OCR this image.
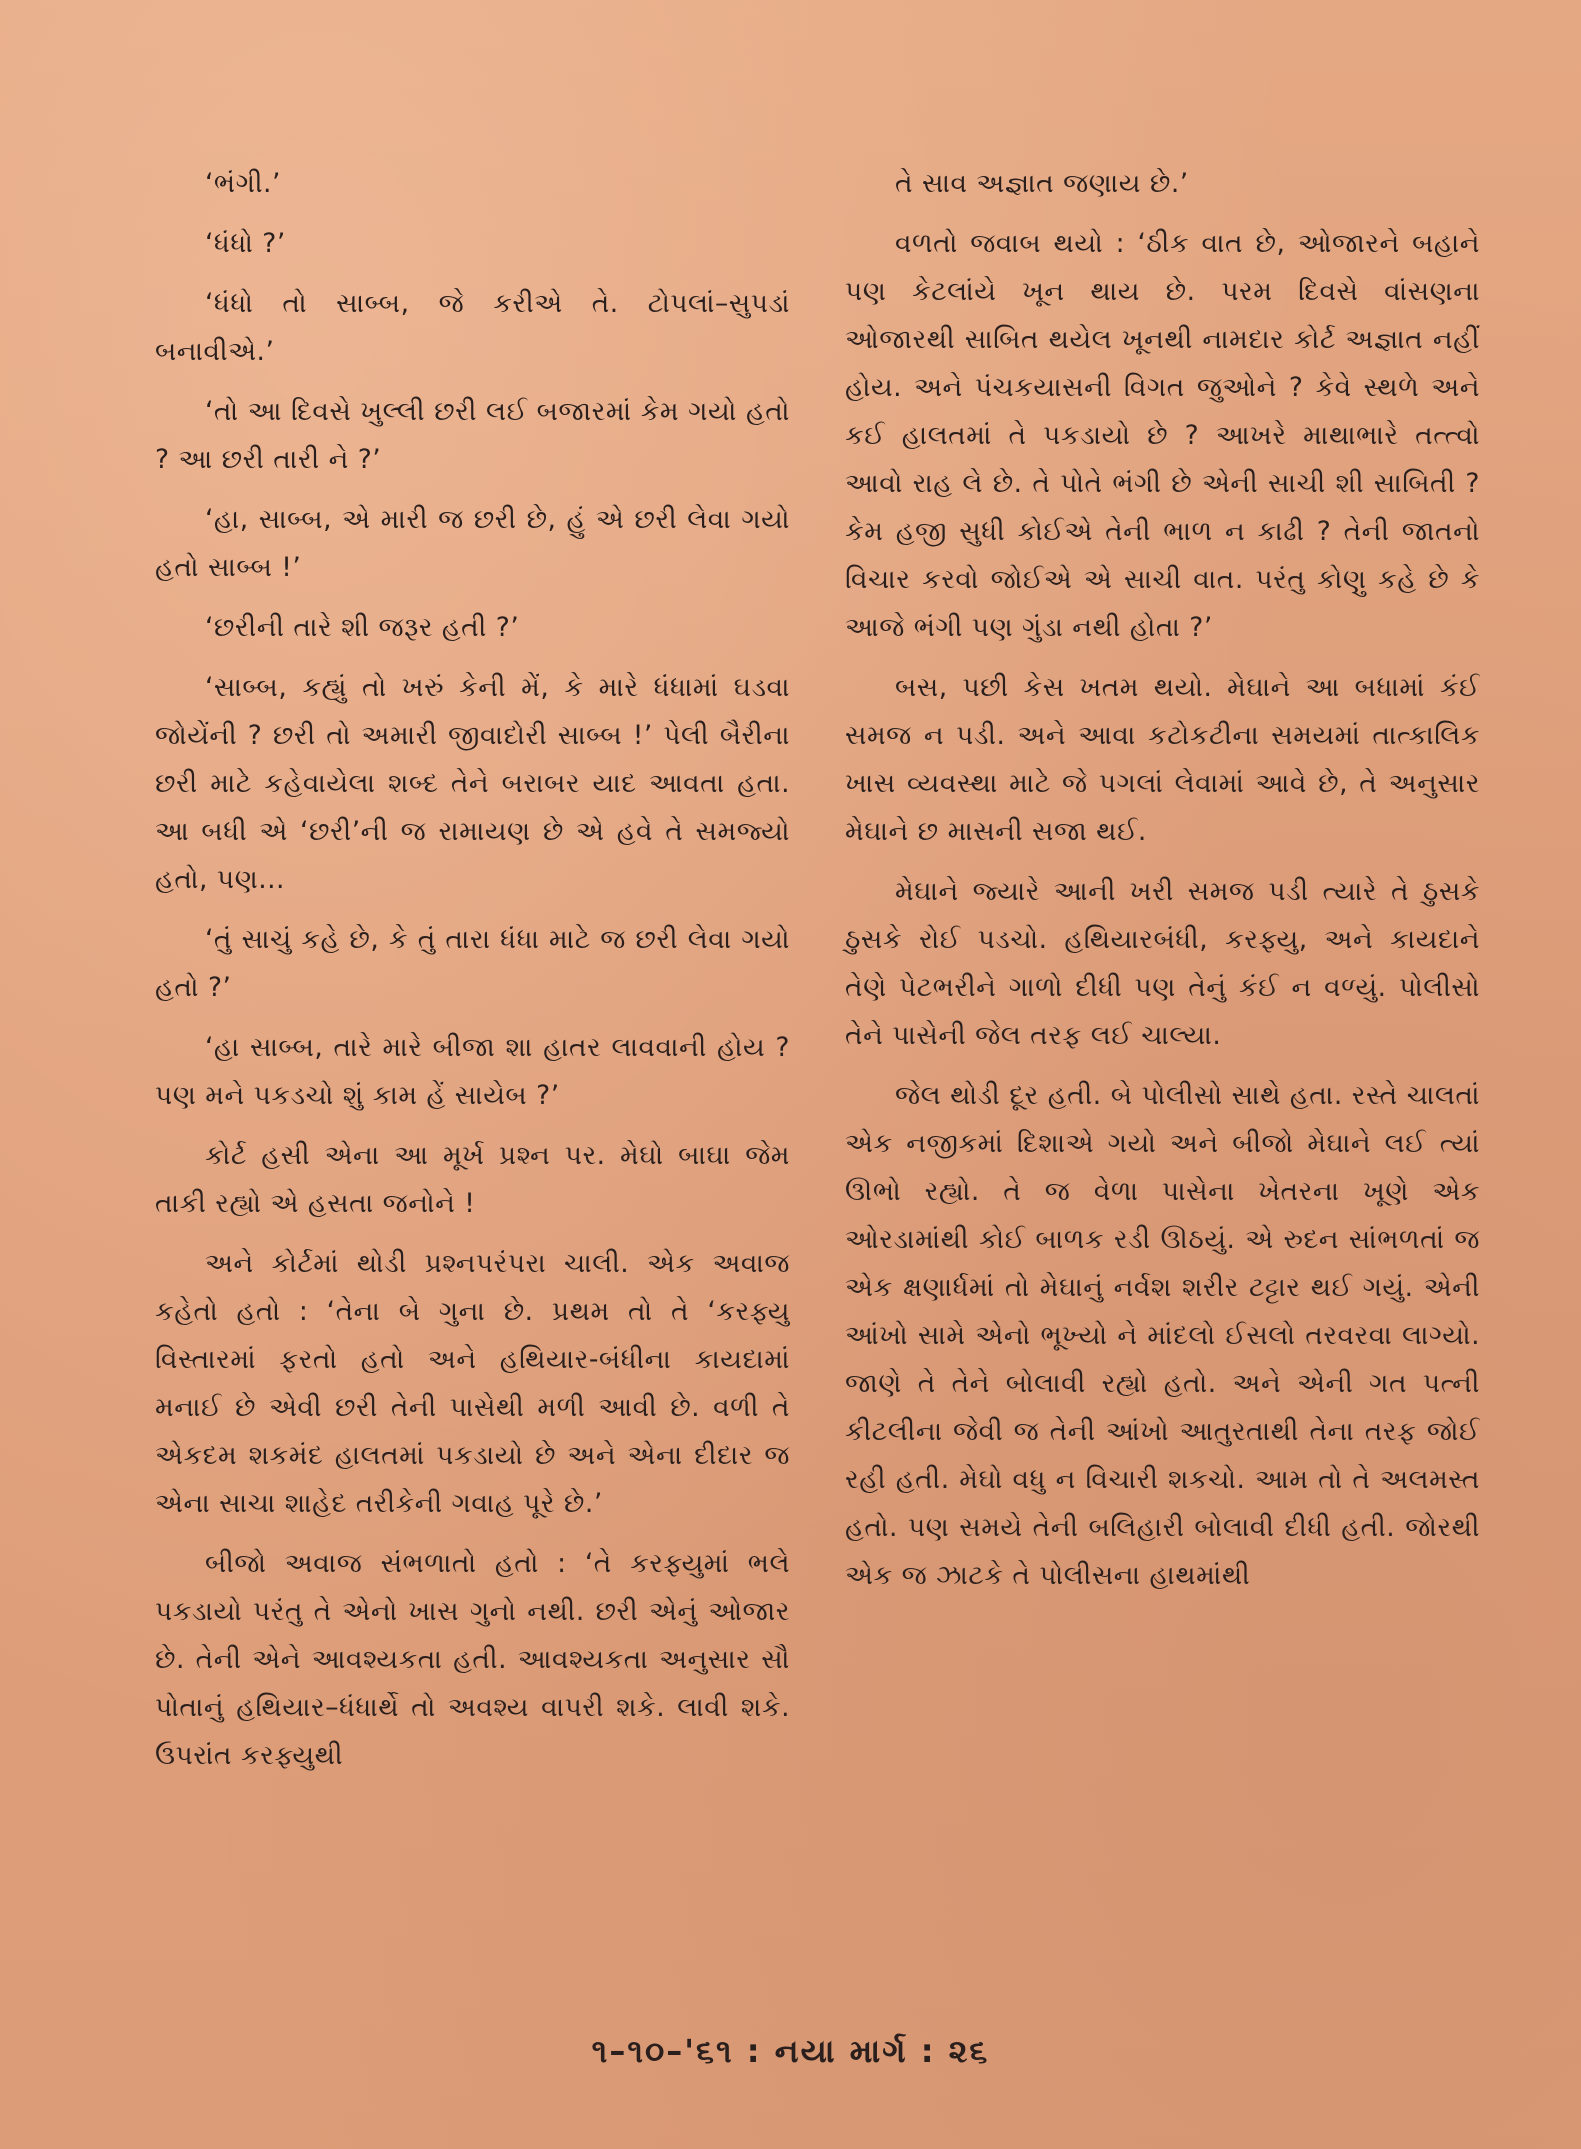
‘ભંગી.’

‘ધંધો ?’

‘ધંધો તો સાબ્બ, જે કરીએ તે. ટોપલાં–સુપડાં બનાવીએ.’

‘તો આ દિવસે ખુલ્લી છરી લઈ બજારમાં કેમ ગયો હતો ? આ છરી તારી ને ?’

‘હા, સાબ્બ, એ મારી જ છરી છે, હું એ છરી લેવા ગયો હતો સાબ્બ !’

‘છરીની તારે શી જરૂર હતી ?’

‘સાબ્બ, કહ્યું તો ખરું કેની મેં, કે મારે ધંધામાં ઘડવા જોયેંની ? છરી તો અમારી જીવાદોરી સાબ્બ !’ પેલી બૈરીના છરી માટે કહેવાયેલા શબ્દ તેને બરાબર યાદ આવતા હતા. આ બધી એ ‘છરી’ની જ રામાયણ છે એ હવે તે સમજ્યો હતો, પણ...

‘તું સાચું કહે છે, કે તું તારા ધંધા માટે જ છરી લેવા ગયો હતો ?’

‘હા સાબ્બ, તારે મારે બીજા શા હાતર લાવવાની હોય ? પણ મને પકડચો શું કામ હેં સાયેબ ?’

કોર્ટ હસી એના આ મૂર્ખ પ્રશ્ન પર. મેઘો બાઘા જેમ તાકી રહ્યો એ હસતા જનોને !

અને કોર્ટમાં થોડી પ્રશ્નપરંપરા ચાલી. એક અવાજ કહેતો હતો : ‘તેના બે ગુના છે. પ્રથમ તો તે ‘કરફ્યુ વિસ્તારમાં ફરતો હતો અને હથિયાર-બંધીના કાયદામાં મનાઈ છે એવી છરી તેની પાસેથી મળી આવી છે. વળી તે એકદમ શકમંદ હાલતમાં પકડાયો છે અને એના દીદાર જ એના સાચા શાહેદ તરીકેની ગવાહ પૂરે છે.’

બીજો અવાજ સંભળાતો હતો : ‘તે કરફ્યુમાં ભલે પકડાયો પરંતુ તે એનો ખાસ ગુનો નથી. છરી એનું ઓજાર છે. તેની એને આવશ્યકતા હતી. આવશ્યકતા અનુસાર સૌ પોતાનું હથિયાર–ધંધાર્થે તો અવશ્ય વાપરી શકે. લાવી શકે. ઉપરાંત કરફ્યુથી

તે સાવ અજ્ઞાત જણાય છે.’

વળતો જવાબ થયો : ‘ઠીક વાત છે, ઓજારને બહાને પણ કેટલાંયે ખૂન થાય છે. પરમ દિવસે વાંસણના ઓજારથી સાબિત થયેલ ખૂનથી નામદાર કોર્ટ અજ્ઞાત નહીં હોય. અને પંચકયાસની વિગત જુઓને ? કેવે સ્થળે અને કઈ હાલતમાં તે પકડાયો છે ? આખરે માથાભારે તત્ત્વો આવો રાહ લે છે. તે પોતે ભંગી છે એની સાચી શી સાબિતી ? કેમ હજી સુધી કોઈએ તેની ભાળ ન કાઢી ? તેની જાતનો વિચાર કરવો જોઈએ એ સાચી વાત. પરંતુ કોણુ કહે છે કે આજે ભંગી પણ ગુંડા નથી હોતા ?’

બસ, પછી કેસ ખતમ થયો. મેઘાને આ બધામાં કંઈ સમજ ન પડી. અને આવા કટોકટીના સમયમાં તાત્કાલિક ખાસ વ્યવસ્થા માટે જે પગલાં લેવામાં આવે છે, તે અનુસાર મેઘાને છ માસની સજા થઈ.

મેઘાને જ્યારે આની ખરી સમજ પડી ત્યારે તે ઠુસકે ઠુસકે રોઈ પડચો. હથિયારબંધી, કરફ્યુ, અને કાયદાને તેણે પેટભરીને ગાળો દીધી પણ તેનું કંઈ ન વળ્યું. પોલીસો તેને પાસેની જેલ તરફ લઈ ચાલ્યા.

જેલ થોડી દૂર હતી. બે પોલીસો સાથે હતા. રસ્તે ચાલતાં એક નજીકમાં દિશાએ ગયો અને બીજો મેઘાને લઈ ત્યાં ઊભો રહ્યો. તે જ વેળા પાસેના ખેતરના ખૂણે એક ઓરડામાંથી કોઈ બાળક રડી ઊઠયું. એ રુદન સાંભળતાં જ એક ક્ષણાર્ધમાં તો મેઘાનું નર્વશ શરીર ટટ્ટાર થઈ ગયું. એની આંખો સામે એનો ભૂખ્યો ને માંદલો ઈસલો તરવરવા લાગ્યો. જાણે તે તેને બોલાવી રહ્યો હતો. અને એની ગત પત્ની કીટલીના જેવી જ તેની આંખો આતુરતાથી તેના તરફ જોઈ રહી હતી. મેઘો વધુ ન વિચારી શકચો. આમ તો તે અલમસ્ત હતો. પણ સમયે તેની બલિહારી બોલાવી દીધી હતી. જોરથી એક જ ઝાટકે તે પોલીસના હાથમાંથી

૧–૧૦–'૬૧ : નયા માર્ગ : ૨૬
